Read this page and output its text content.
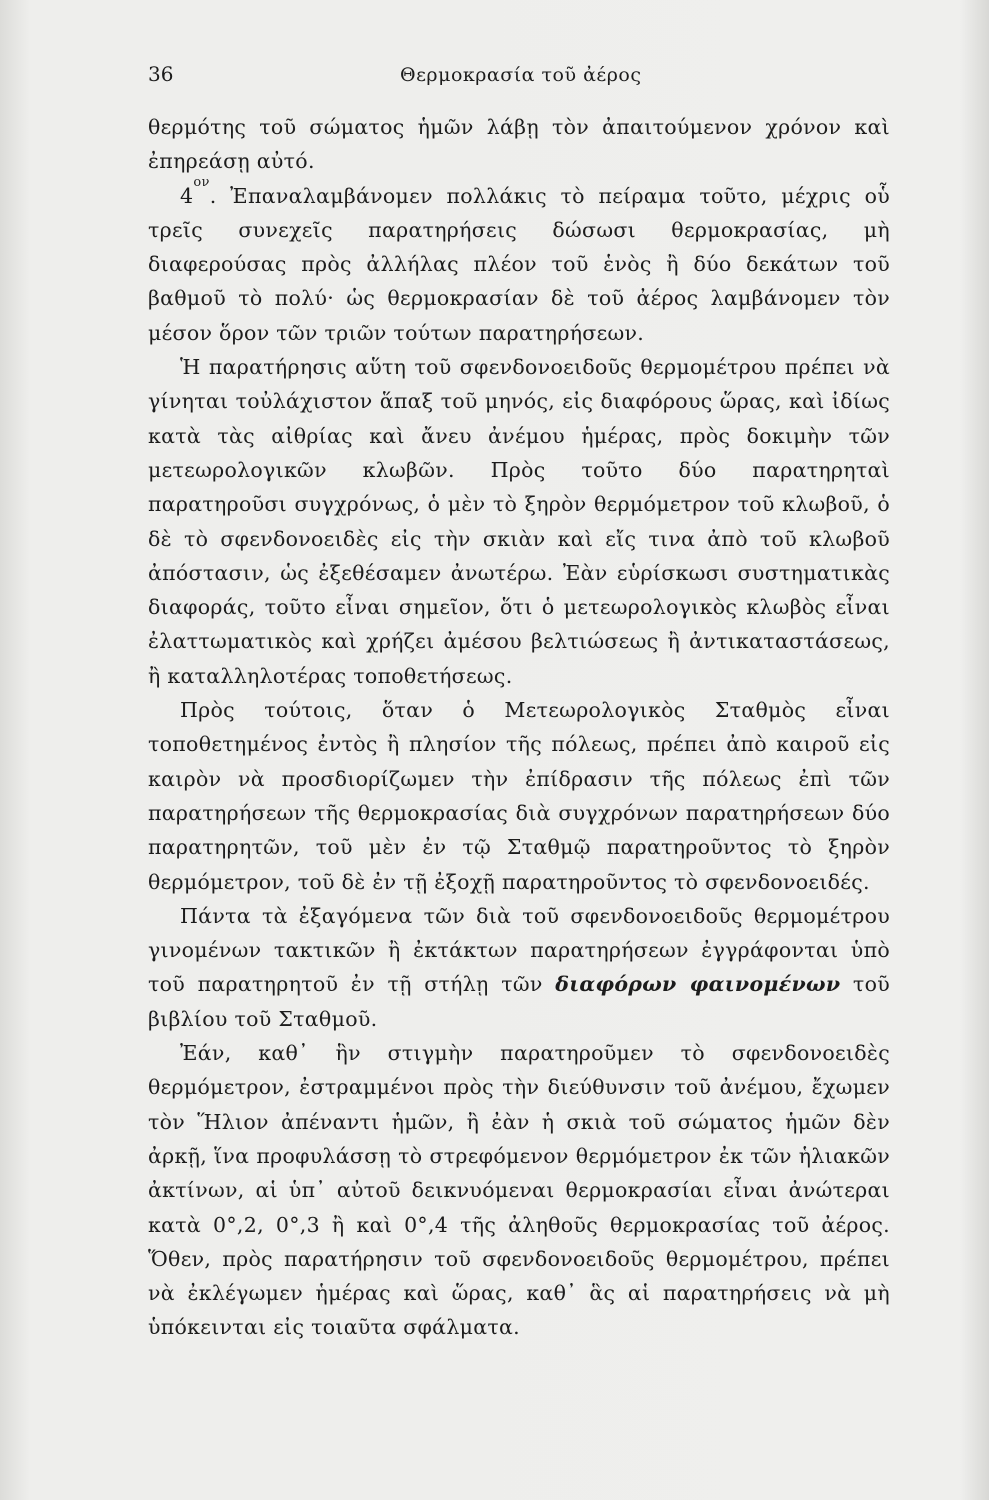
36	Θερμοκρασία τοῦ ἀέρος

θερμότης τοῦ σώματος ἡμῶν λάβῃ τὸν ἀπαιτούμενον χρόνον καὶ ἐπηρεάσῃ αὐτό.

$4^{o\nu}$. Ἐπαναλαμβάνομεν πολλάκις τὸ πείραμα τοῦτο, μέχρις οὗ τρεῖς συνεχεῖς παρατηρήσεις δώσωσι θερμοκρασίας, μὴ διαφερούσας πρὸς ἀλλήλας πλέον τοῦ ἑνὸς ἢ δύο δεκάτων τοῦ βαθμοῦ τὸ πολύ· ὡς θερμοκρασίαν δὲ τοῦ ἀέρος λαμβάνομεν τὸν μέσον ὅρον τῶν τριῶν τούτων παρατηρήσεων.

Ἡ παρατήρησις αὕτη τοῦ σφενδονοειδοῦς θερμομέτρου πρέπει νὰ γίνηται τοὐλάχιστον ἅπαξ τοῦ μηνός, εἰς διαφόρους ὥρας, καὶ ἰδίως κατὰ τὰς αἰθρίας καὶ ἄνευ ἀνέμου ἡμέρας, πρὸς δοκιμὴν τῶν μετεωρολογικῶν κλωβῶν. Πρὸς τοῦτο δύο παρατηρηταὶ παρατηροῦσι συγχρόνως, ὁ μὲν τὸ ξηρὸν θερμόμετρον τοῦ κλωβοῦ, ὁ δὲ τὸ σφενδονοειδὲς εἰς τὴν σκιὰν καὶ εἴς τινα ἀπὸ τοῦ κλωβοῦ ἀπόστασιν, ὡς ἐξεθέσαμεν ἀνωτέρω. Ἐὰν εὑρίσκωσι συστηματικὰς διαφοράς, τοῦτο εἶναι σημεῖον, ὅτι ὁ μετεωρολογικὸς κλωβὸς εἶναι ἐλαττωματικὸς καὶ χρήζει ἀμέσου βελτιώσεως ἢ ἀντικαταστάσεως, ἢ καταλληλοτέρας τοποθετήσεως.

Πρὸς τούτοις, ὅταν ὁ Μετεωρολογικὸς Σταθμὸς εἶναι τοποθετημένος ἐντὸς ἢ πλησίον τῆς πόλεως, πρέπει ἀπὸ καιροῦ εἰς καιρὸν νὰ προσδιορίζωμεν τὴν ἐπίδρασιν τῆς πόλεως ἐπὶ τῶν παρατηρήσεων τῆς θερμοκρασίας διὰ συγχρόνων παρατηρήσεων δύο παρατηρητῶν, τοῦ μὲν ἐν τῷ Σταθμῷ παρατηροῦντος τὸ ξηρὸν θερμόμετρον, τοῦ δὲ ἐν τῇ ἐξοχῇ παρατηροῦντος τὸ σφενδονοειδές.

Πάντα τὰ ἐξαγόμενα τῶν διὰ τοῦ σφενδονοειδοῦς θερμομέτρου γινομένων τακτικῶν ἢ ἐκτάκτων παρατηρήσεων ἐγγράφονται ὑπὸ τοῦ παρατηρητοῦ ἐν τῇ στήλῃ τῶν διαφόρων φαινομένων τοῦ βιβλίου τοῦ Σταθμοῦ.

Ἐάν, καθ᾽ ἣν στιγμὴν παρατηροῦμεν τὸ σφενδονοειδὲς θερμόμετρον, ἐστραμμένοι πρὸς τὴν διεύθυνσιν τοῦ ἀνέμου, ἔχωμεν τὸν Ἥλιον ἀπέναντι ἡμῶν, ἢ ἐὰν ἡ σκιὰ τοῦ σώματος ἡμῶν δὲν ἀρκῇ, ἵνα προφυλάσσῃ τὸ στρεφόμενον θερμόμετρον ἐκ τῶν ἡλιακῶν ἀκτίνων, αἱ ὑπ᾽ αὐτοῦ δεικνυόμεναι θερμοκρασίαι εἶναι ἀνώτεραι κατὰ 0°,2, 0°,3 ἢ καὶ 0°,4 τῆς ἀληθοῦς θερμοκρασίας τοῦ ἀέρος. Ὅθεν, πρὸς παρατήρησιν τοῦ σφενδονοειδοῦς θερμομέτρου, πρέπει νὰ ἐκλέγωμεν ἡμέρας καὶ ὥρας, καθ᾽ ἃς αἱ παρατηρήσεις νὰ μὴ ὑπόκεινται εἰς τοιαῦτα σφάλματα.
